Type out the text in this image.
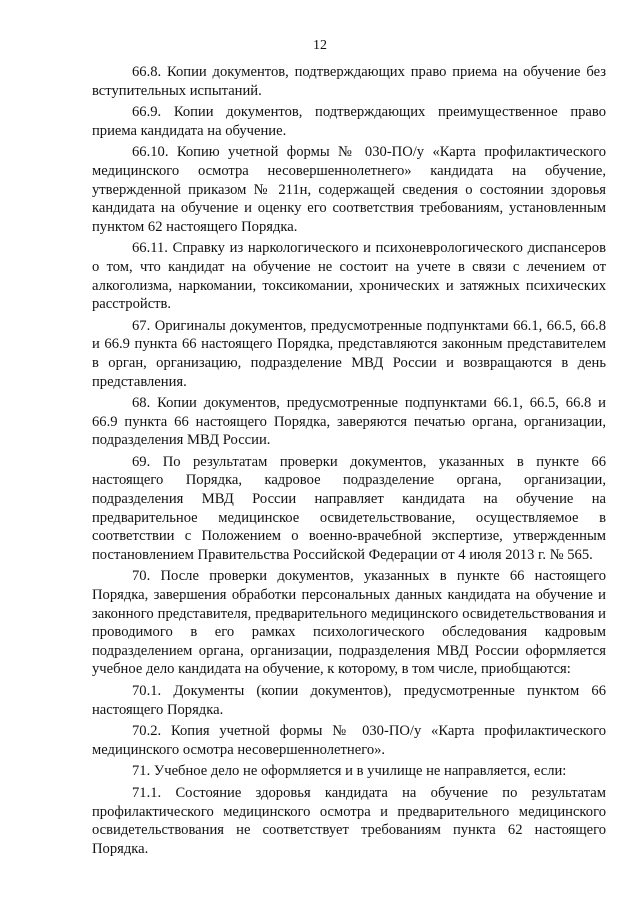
12

66.8. Копии документов, подтверждающих право приема на обучение без вступительных испытаний.

66.9. Копии документов, подтверждающих преимущественное право приема кандидата на обучение.

66.10. Копию учетной формы № 030-ПО/у «Карта профилактического медицинского осмотра несовершеннолетнего» кандидата на обучение, утвержденной приказом № 211н, содержащей сведения о состоянии здоровья кандидата на обучение и оценку его соответствия требованиям, установленным пунктом 62 настоящего Порядка.

66.11. Справку из наркологического и психоневрологического диспансеров о том, что кандидат на обучение не состоит на учете в связи с лечением от алкоголизма, наркомании, токсикомании, хронических и затяжных психических расстройств.

67. Оригиналы документов, предусмотренные подпунктами 66.1, 66.5, 66.8 и 66.9 пункта 66 настоящего Порядка, представляются законным представителем в орган, организацию, подразделение МВД России и возвращаются в день представления.

68. Копии документов, предусмотренные подпунктами 66.1, 66.5, 66.8 и 66.9 пункта 66 настоящего Порядка, заверяются печатью органа, организации, подразделения МВД России.

69. По результатам проверки документов, указанных в пункте 66 настоящего Порядка, кадровое подразделение органа, организации, подразделения МВД России направляет кандидата на обучение на предварительное медицинское освидетельствование, осуществляемое в соответствии с Положением о военно-врачебной экспертизе, утвержденным постановлением Правительства Российской Федерации от 4 июля 2013 г. № 565.

70. После проверки документов, указанных в пункте 66 настоящего Порядка, завершения обработки персональных данных кандидата на обучение и законного представителя, предварительного медицинского освидетельствования и проводимого в его рамках психологического обследования кадровым подразделением органа, организации, подразделения МВД России оформляется учебное дело кандидата на обучение, к которому, в том числе, приобщаются:

70.1. Документы (копии документов), предусмотренные пунктом 66 настоящего Порядка.

70.2. Копия учетной формы № 030-ПО/у «Карта профилактического медицинского осмотра несовершеннолетнего».

71. Учебное дело не оформляется и в училище не направляется, если:

71.1. Состояние здоровья кандидата на обучение по результатам профилактического медицинского осмотра и предварительного медицинского освидетельствования не соответствует требованиям пункта 62 настоящего Порядка.
